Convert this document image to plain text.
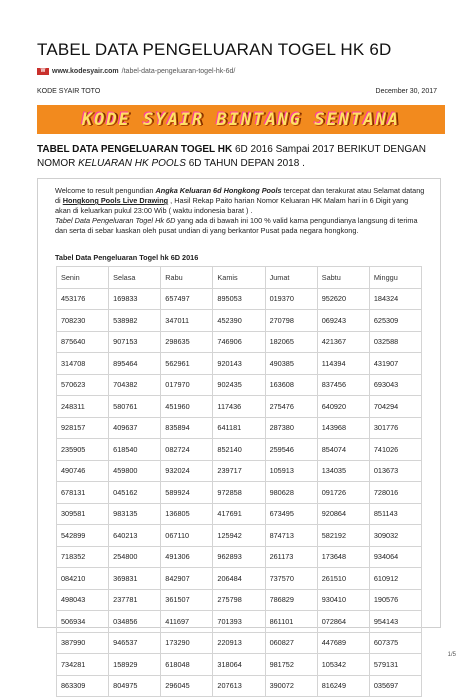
TABEL DATA PENGELUARAN TOGEL HK 6D
W www.kodesyair.com /tabel-data-pengeluaran-togel-hk-6d/
KODE SYAIR TOTO	December 30, 2017
KODE SYAIR BINTANG SENTANA
TABEL DATA PENGELUARAN TOGEL HK 6D 2016 Sampai 2017 BERIKUT DENGAN NOMOR KELUARAN HK POOLS 6D TAHUN DEPAN 2018 .
Welcome to result pengundian Angka Keluaran 6d Hongkong Pools tercepat dan terakurat atau Selamat datang di Hongkong Pools Live Drawing , Hasil Rekap Paito harian Nomor Keluaran HK Malam hari in 6 Digit yang akan di keluarkan pukul 23:00 Wib ( waktu indonesia barat ) .
Tabel Data Pengeluaran Togel Hk 6D yang ada di bawah ini 100 % valid karna pengundianya langsung di terima dan serta di sebar luaskan oleh pusat undian di yang berkantor Pusat pada negara hongkong.
Tabel Data Pengeluaran Togel hk 6D 2016
Senin	Selasa	Rabu	Kamis	Jumat	Sabtu	Minggu
453176	169833	657497	895053	019370	952620	184324
708230	538982	347011	452390	270798	069243	625309
875640	907153	298635	746906	182065	421367	032588
314708	895464	562961	920143	490385	114394	431907
570623	704382	017970	902435	163608	837456	693043
248311	580761	451960	117436	275476	640920	704294
928157	409637	835894	641181	287380	143968	301776
235905	618540	082724	852140	259546	854074	741026
490746	459800	932024	239717	105913	134035	013673
678131	045162	589924	972858	980628	091726	728016
309581	983135	136805	417691	673495	920864	851143
542899	640213	067110	125942	874713	582192	309032
718352	254800	491306	962893	261173	173648	934064
084210	369831	842907	206484	737570	261510	610912
498043	237781	361507	275798	786829	930410	190576
506934	034856	411697	701393	861101	072864	954143
387990	946537	173290	220913	060827	447689	607375
734281	158929	618048	318064	981752	105342	579131
863309	804975	296045	207613	390072	816249	035697
1/5
